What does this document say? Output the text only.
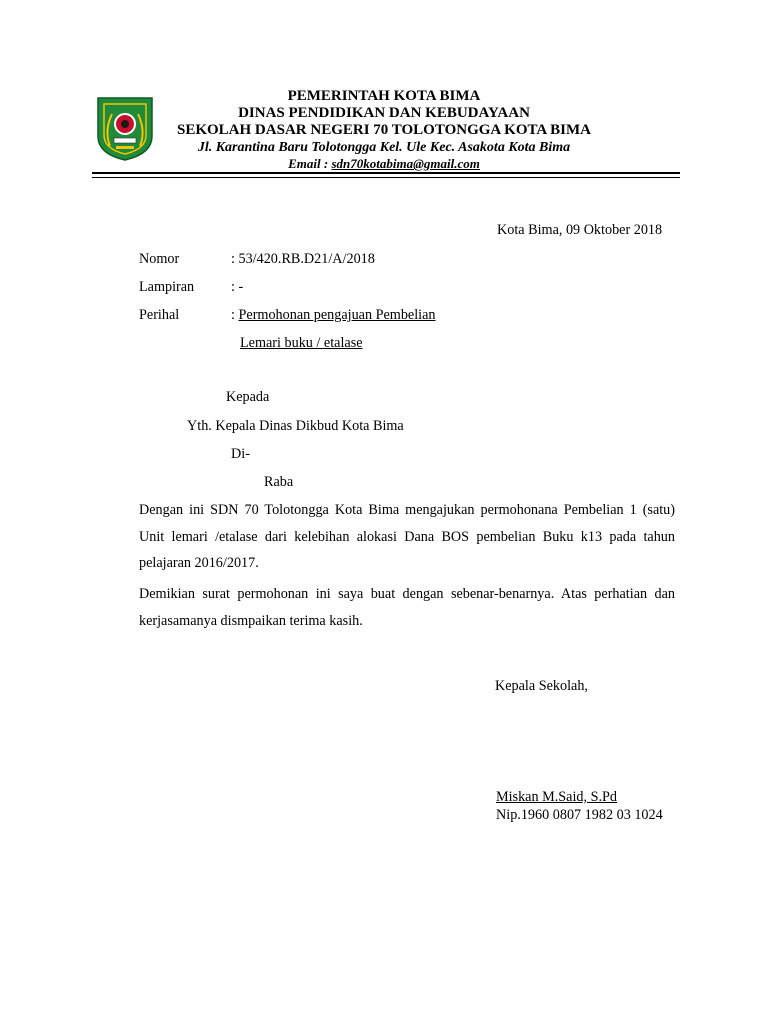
PEMERINTAH KOTA BIMA
DINAS PENDIDIKAN DAN KEBUDAYAAN
SEKOLAH DASAR NEGERI 70 TOLOTONGGA KOTA BIMA
Jl. Karantina Baru Tolotongga Kel. Ule Kec. Asakota Kota Bima
Email : sdn70kotabima@gmail.com
Kota Bima, 09 Oktober 2018
Nomor	: 53/420.RB.D21/A/2018
Lampiran	: -
Perihal	: Permohonan pengajuan Pembelian
Lemari buku / etalase
Kepada
Yth. Kepala Dinas Dikbud Kota Bima
Di-
Raba
Dengan ini SDN 70 Tolotongga Kota Bima mengajukan permohonana Pembelian 1 (satu) Unit lemari /etalase dari kelebihan alokasi Dana BOS pembelian Buku k13 pada tahun pelajaran 2016/2017.
Demikian surat permohonan ini saya buat dengan sebenar-benarnya. Atas perhatian dan kerjasamanya dismpaikan terima kasih.
Kepala Sekolah,
Miskan M.Said, S.Pd
Nip.1960 0807 1982 03 1024
